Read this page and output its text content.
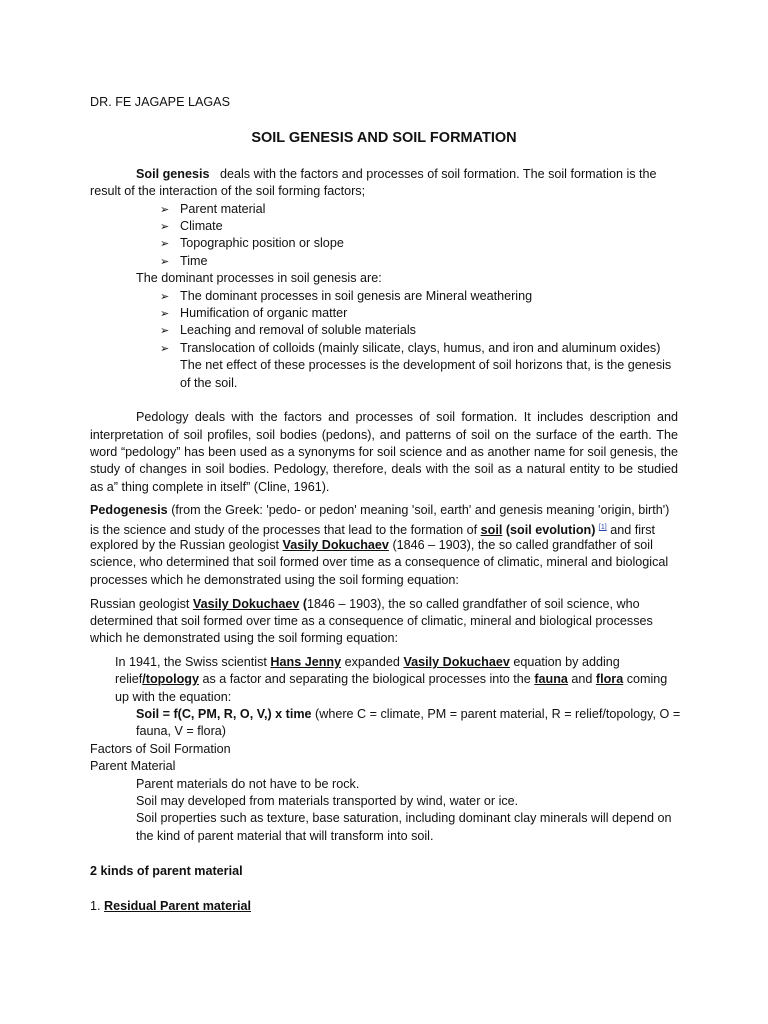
DR. FE JAGAPE LAGAS
SOIL GENESIS AND SOIL FORMATION
Soil genesis deals with the factors and processes of soil formation. The soil formation is the
result of the interaction of the soil forming factors;
➢ Parent material
➢ Climate
➢ Topographic position or slope
➢ Time
The dominant processes in soil genesis are:
➢ The dominant processes in soil genesis are Mineral weathering
➢ Humification of organic matter
➢ Leaching and removal of soluble materials
➢ Translocation of colloids (mainly silicate, clays, humus, and iron and aluminum oxides)
The net effect of these processes is the development of soil horizons that, is the genesis
of the soil.
Pedology deals with the factors and processes of soil formation. It includes description and
interpretation of soil profiles, soil bodies (pedons), and patterns of soil on the surface of the earth. The
word “pedology” has been used as a synonyms for soil science and as another name for soil genesis, the
study of changes in soil bodies. Pedology, therefore, deals with the soil as a natural entity to be studied
as a” thing complete in itself” (Cline, 1961).
Pedogenesis (from the Greek: 'pedo- or pedon' meaning 'soil, earth' and genesis meaning 'origin, birth')
is the science and study of the processes that lead to the formation of soil (soil evolution) [1] and first
explored by the Russian geologist Vasily Dokuchaev (1846 – 1903), the so called grandfather of soil
science, who determined that soil formed over time as a consequence of climatic, mineral and biological
processes which he demonstrated using the soil forming equation:
Russian geologist Vasily Dokuchaev (1846 – 1903), the so called grandfather of soil science, who
determined that soil formed over time as a consequence of climatic, mineral and biological processes
which he demonstrated using the soil forming equation:
In 1941, the Swiss scientist Hans Jenny expanded Vasily Dokuchaev equation by adding
relief/topology as a factor and separating the biological processes into the fauna and flora coming
up with the equation:
Soil = f(C, PM, R, O, V,) x time (where C = climate, PM = parent material, R = relief/topology, O =
fauna, V = flora)
Factors of Soil Formation
Parent Material
Parent materials do not have to be rock.
Soil may developed from materials transported by wind, water or ice.
Soil properties such as texture, base saturation, including dominant clay minerals will depend on
the kind of parent material that will transform into soil.
2 kinds of parent material
1. Residual Parent material
